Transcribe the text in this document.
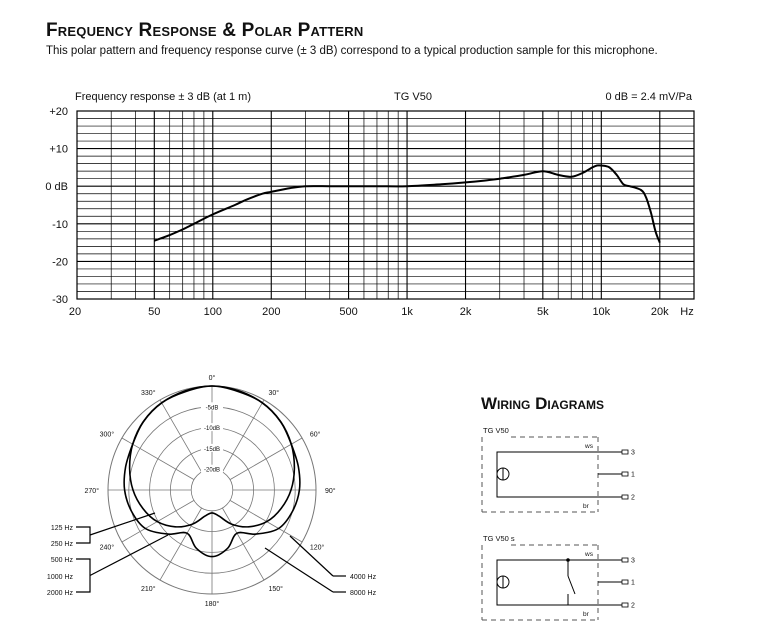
Frequency Response & Polar Pattern

This polar pattern and frequency response curve (± 3 dB) correspond to a typical production sample for this microphone.

Wiring Diagrams
Frequency response ± 3 dB (at 1 m)	TG V50	0 dB = 2.4 mV/Pa
+20
+10
0 dB
-10
-20
-30
20	50	100	200	500	1k	2k	5k	10k	20k Hz
0°
30°
60°
90°
120°
150°
180°
210°
240°
270°
300°
330°
-5dB
-10dB
-15dB
-20dB
125 Hz
250 Hz
500 Hz
1000 Hz
2000 Hz
4000 Hz
8000 Hz
TG V50
ws
br
3
1
2
TG V50 s
ws
br
3
1
2
